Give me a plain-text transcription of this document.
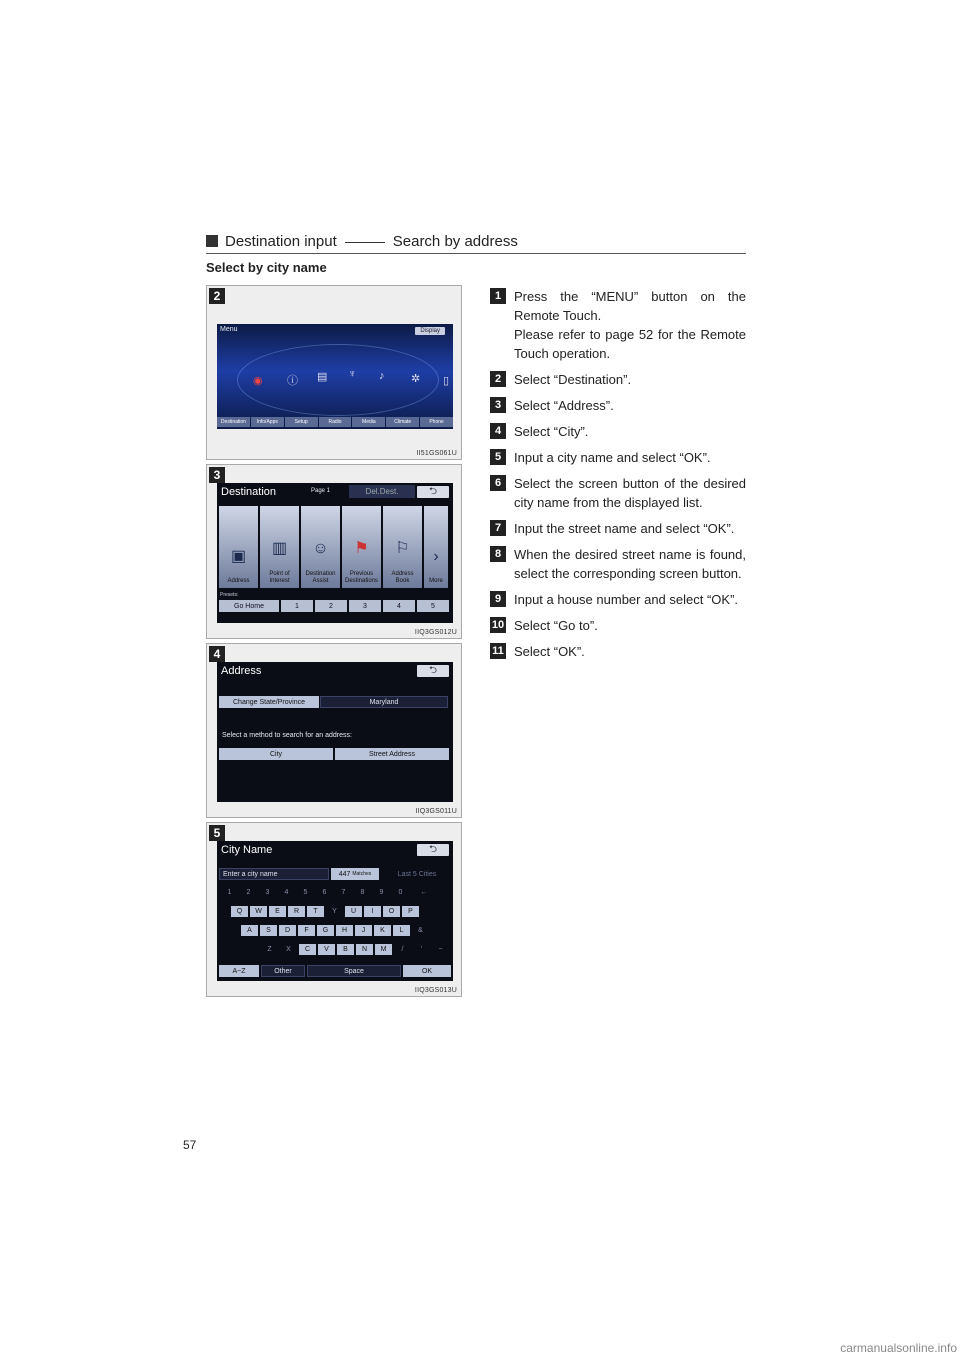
Destination input	Search by address
Select by city name
2
Menu	Display
◉ ⓘ ▤ ♆ ♪ ✲ ▯
Destination	Info/Apps	Setup	Radio	Media	Climate	Phone
II51GS061U
3
Destination	Page 1	Del.Dest.	⮌
▣
Address
▥
Point of
Interest
☺
Destination
Assist
⚑
Previous
Destinations
⚐
Address
Book
›
More
Presets:
Go Home	1	2	3	4	5
IIQ3GS012U
4
Address	⮌
Change State/Province	Maryland
Select a method to search for an address:
City	Street Address
IIQ3GS011U
5
City Name	⮌
Enter a city name	447
Matches	Last 5 Cities
1	2	3	4	5	6	7	8	9	0	←
Q	W	E	R	T	Y	U	I	O	P
A	S	D	F	G	H	J	K	L	&
Z	X	C	V	B	N	M	/	'	−
A−Z	Other	Space	OK
IIQ3GS013U
1 Press the “MENU” button on the Remote Touch.
Please refer to page 52 for the Remote Touch operation.
2 Select “Destination”.
3 Select “Address”.
4 Select “City”.
5 Input a city name and select “OK”.
6 Select the screen button of the desired city name from the displayed list.
7 Input the street name and select “OK”.
8 When the desired street name is found, select the corresponding screen button.
9 Input a house number and select “OK”.
10 Select “Go to”.
11 Select “OK”.
57
carmanualsonline.info
